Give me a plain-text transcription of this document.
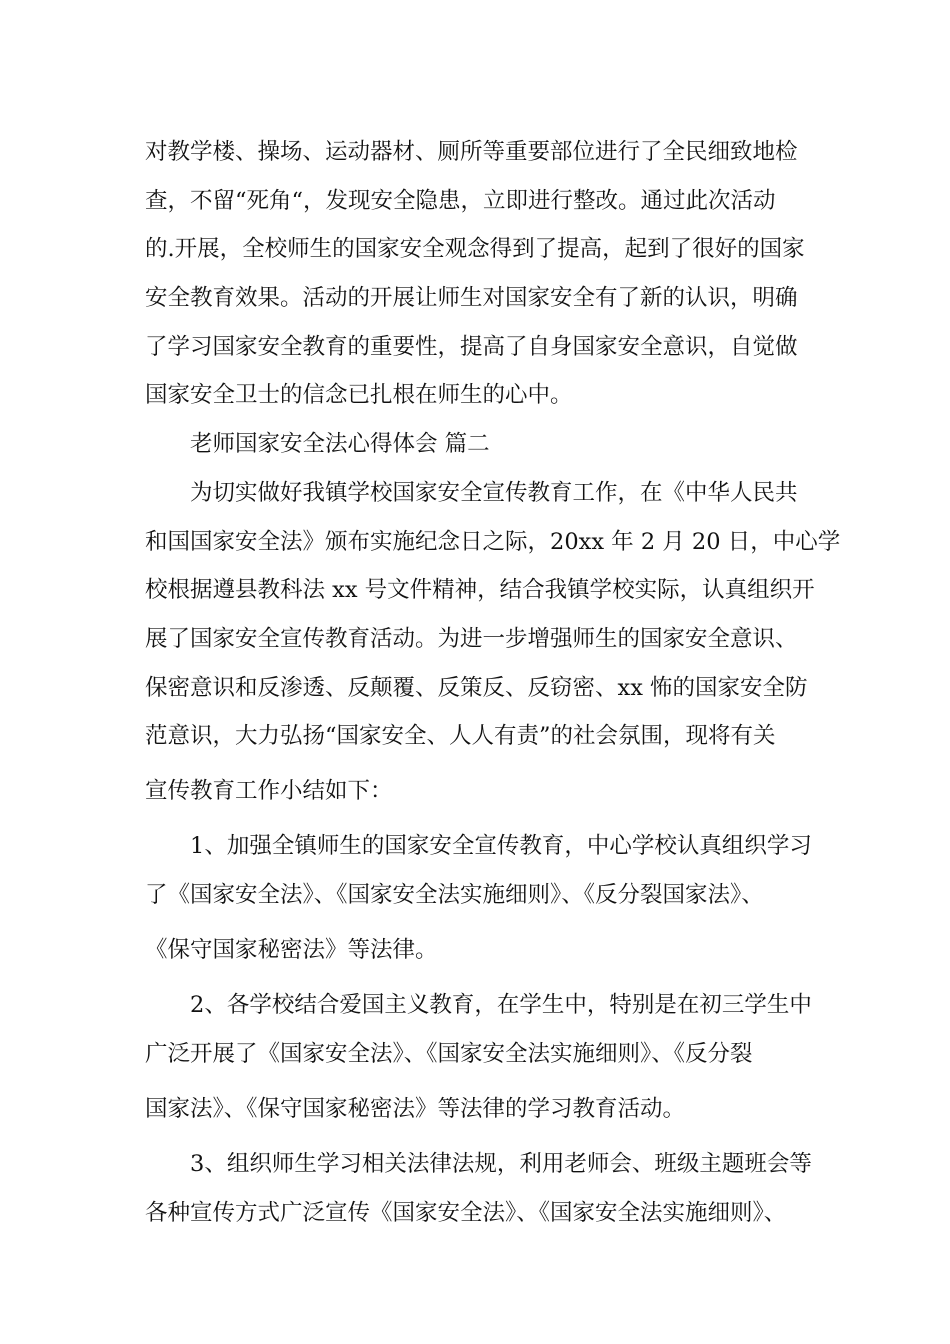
对教学楼、操场、运动器材、厕所等重要部位进行了全民细致地检
查，不留“死角“，发现安全隐患，立即进行整改。通过此次活动
的.开展，全校师生的国家安全观念得到了提高，起到了很好的国家
安全教育效果。活动的开展让师生对国家安全有了新的认识，明确
了学习国家安全教育的重要性，提高了自身国家安全意识，自觉做
国家安全卫士的信念已扎根在师生的心中。
老师国家安全法心得体会 篇二
为切实做好我镇学校国家安全宣传教育工作，在《中华人民共
和国国家安全法》颁布实施纪念日之际，20xx 年 2 月 20 日，中心学
校根据遵县教科法 xx 号文件精神，结合我镇学校实际，认真组织开
展了国家安全宣传教育活动。为进一步增强师生的国家安全意识、
保密意识和反渗透、反颠覆、反策反、反窃密、xx 怖的国家安全防
范意识，大力弘扬“国家安全、人人有责”的社会氛围，现将有关
宣传教育工作小结如下：
1、加强全镇师生的国家安全宣传教育，中心学校认真组织学习
了《国家安全法》、《国家安全法实施细则》、《反分裂国家法》、
《保守国家秘密法》等法律。
2、各学校结合爱国主义教育，在学生中，特别是在初三学生中
广泛开展了《国家安全法》、《国家安全法实施细则》、《反分裂
国家法》、《保守国家秘密法》等法律的学习教育活动。
3、组织师生学习相关法律法规，利用老师会、班级主题班会等
各种宣传方式广泛宣传《国家安全法》、《国家安全法实施细则》、
